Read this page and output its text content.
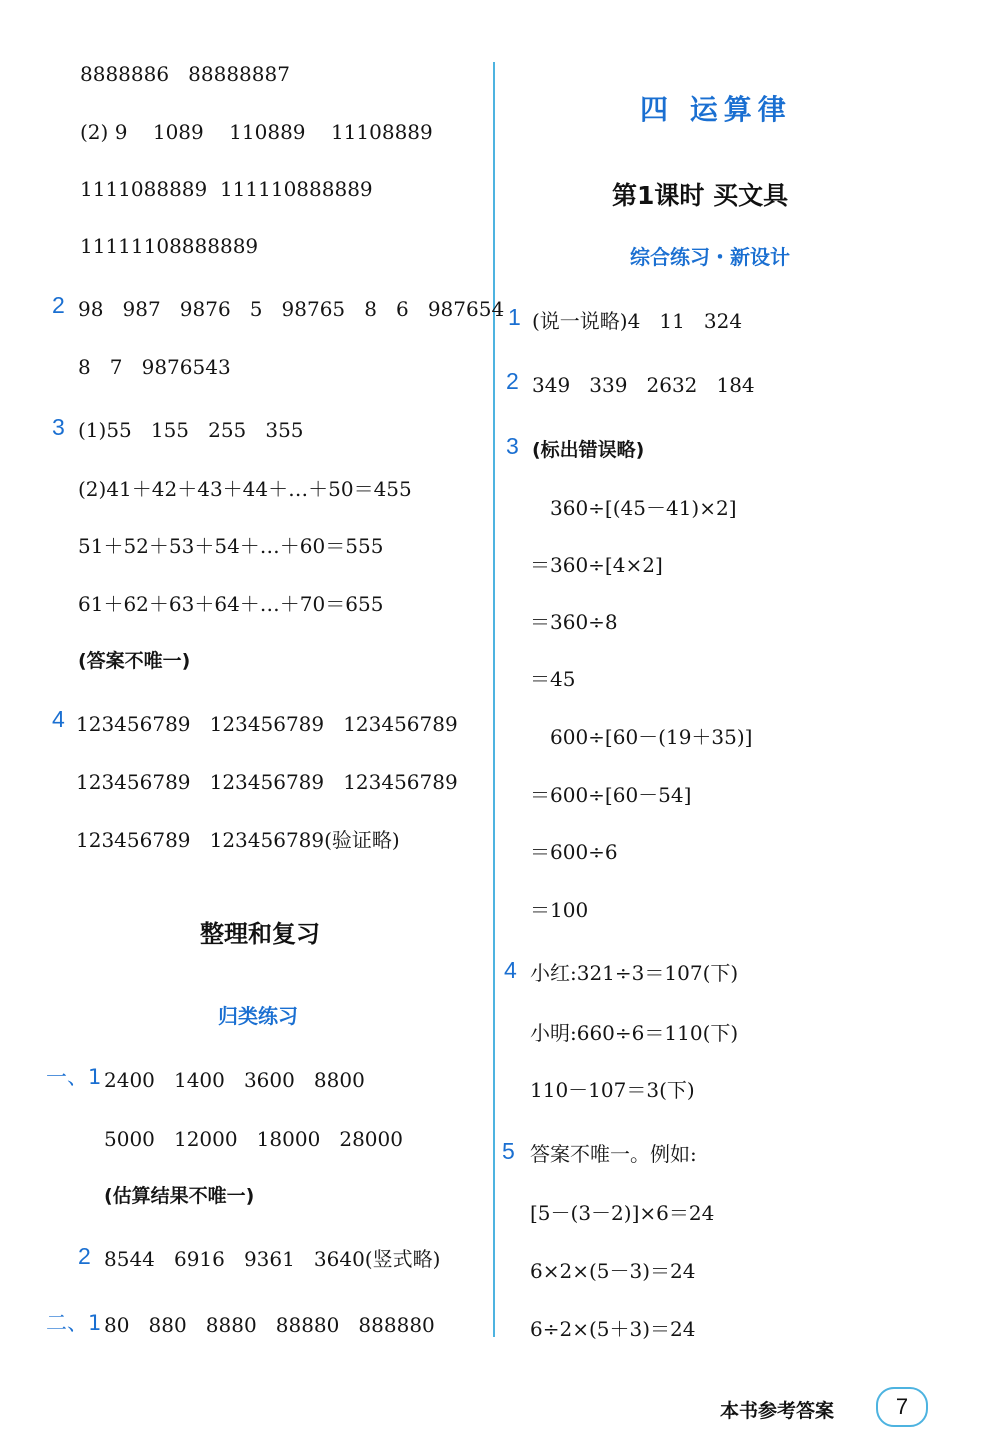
8888886   88888887
(2) 9    1089    110889    11108889
1111088889  111110888889
11111108888889
2 98   987   9876   5   98765   8   6   987654
8   7   9876543
3 (1)55   155   255   355
(2)41＋42＋43＋44＋…＋50＝455
51＋52＋53＋54＋…＋60＝555
61＋62＋63＋64＋…＋70＝655
(答案不唯一)
4 123456789   123456789   123456789
123456789   123456789   123456789
123456789   123456789(验证略)
整理和复习
归类练习
一、1 2400   1400   3600   8800
5000   12000   18000   28000
(估算结果不唯一)
2 8544   6916   9361   3640(竖式略)
二、1 80   880   8880   88880   888880
四 运算律
第1课时 买文具
综合练习・新设计
1 (说一说略)4   11   324
2 349   339   2632   184
3 (标出错误略)
360÷[(45－41)×2]
＝360÷[4×2]
＝360÷8
＝45
600÷[60－(19＋35)]
＝600÷[60－54]
＝600÷6
＝100
4 小红:321÷3＝107(下)
小明:660÷6＝110(下)
110－107＝3(下)
5 答案不唯一。例如:
[5－(3－2)]×6＝24
6×2×(5－3)＝24
6÷2×(5＋3)＝24
本书参考答案	7
